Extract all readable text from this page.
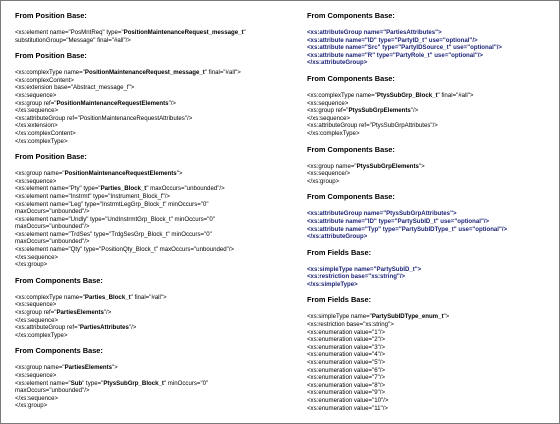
From Position Base:
<xs:element name="PosMntReq" type="PositionMaintenanceRequest_message_t"
substitutionGroup="Message" final="#all"/>
From Position Base:
<xs:complexType name="PositionMaintenanceRequest_message_t" final="#all">
<xs:complexContent>
<xs:extension base="Abstract_message_f">
<xs:sequence>
<xs:group ref="PositionMaintenanceRequestElements"/>
</xs:sequence>
<xs:attributeGroup ref="PositionMaintenanceRequestAttributes"/>
</xs:extension>
</xs:complexContent>
</xs:complexType>
From Position Base:
<xs:group name="PositionMaintenanceRequestElements">
<xs:sequence>
<xs:element name="Pty" type="Parties_Block_t" maxOccurs="unbounded"/>
<xs:element name="Instrmt" type="Instrument_Block_f"/>
<xs:element name="Leg" type="InstrmtLegGrp_Block_t" minOccurs="0"
maxOccurs="unbounded"/>
<xs:element name="Undly" type="UndInstrmtGrp_Block_t" minOccurs="0"
maxOccurs="unbounded"/>
<xs:element name="TrdSes" type="TrdgSesGrp_Block_t" minOccurs="0"
maxOccurs="unbounded"/>
<xs:element name="Qty" type="PositionQty_Block_t" maxOccurs="unbounded"/>
</xs:sequence>
</xs:group>
From Components Base:
<xs:complexType name="Parties_Block_t" final="#all">
<xs:sequence>
<xs:group ref="PartiesElements"/>
</xs:sequence>
<xs:attributeGroup ref="PartiesAttributes"/>
</xs:complexType>
From Components Base:
<xs:group name="PartiesElements">
<xs:sequence>
<xs:element name="Sub" type="PtysSubGrp_Block_t" minOccurs="0"
maxOccurs="unbounded"/>
</xs:sequence>
</xs:group>
From Components Base:
<xs:attributeGroup name="PartiesAttributes">
<xs:attribute name="ID" type="PartyID_t" use="optional"/>
<xs:attribute name="Src" type="PartyIDSource_t" use="optional"/>
<xs:attribute name="R" type="PartyRole_t" use="optional"/>
</xs:attributeGroup>
From Components Base:
<xs:complexType name="PtysSubGrp_Block_t" final="#all">
<xs:sequence>
<xs:group ref="PtysSubGrpElements"/>
</xs:sequence>
<xs:attributeGroup ref="PtysSubGrpAttributes"/>
</xs:complexType>
From Components Base:
<xs:group name="PtysSubGrpElements">
<xs:sequence/>
</xs:group>
From Components Base:
<xs:attributeGroup name="PtysSubGrpAttributes">
<xs:attribute name="ID" type="PartySubID_t" use="optional"/>
<xs:attribute name="Typ" type="PartySubIDType_t" use="optional"/>
</xs:attributeGroup>
From Fields Base:
<xs:simpleType name="PartySubID_t">
<xs:restriction base="xs:string"/>
</xs:simpleType>
From Fields Base:
<xs:simpleType name="PartySubIDType_enum_t">
<xs:restriction base="xs:string">
<xs:enumeration value="1"/>
<xs:enumeration value="2"/>
<xs:enumeration value="3"/>
<xs:enumeration value="4"/>
<xs:enumeration value="5"/>
<xs:enumeration value="6"/>
<xs:enumeration value="7"/>
<xs:enumeration value="8"/>
<xs:enumeration value="9"/>
<xs:enumeration value="10"/>
<xs:enumeration value="11"/>
